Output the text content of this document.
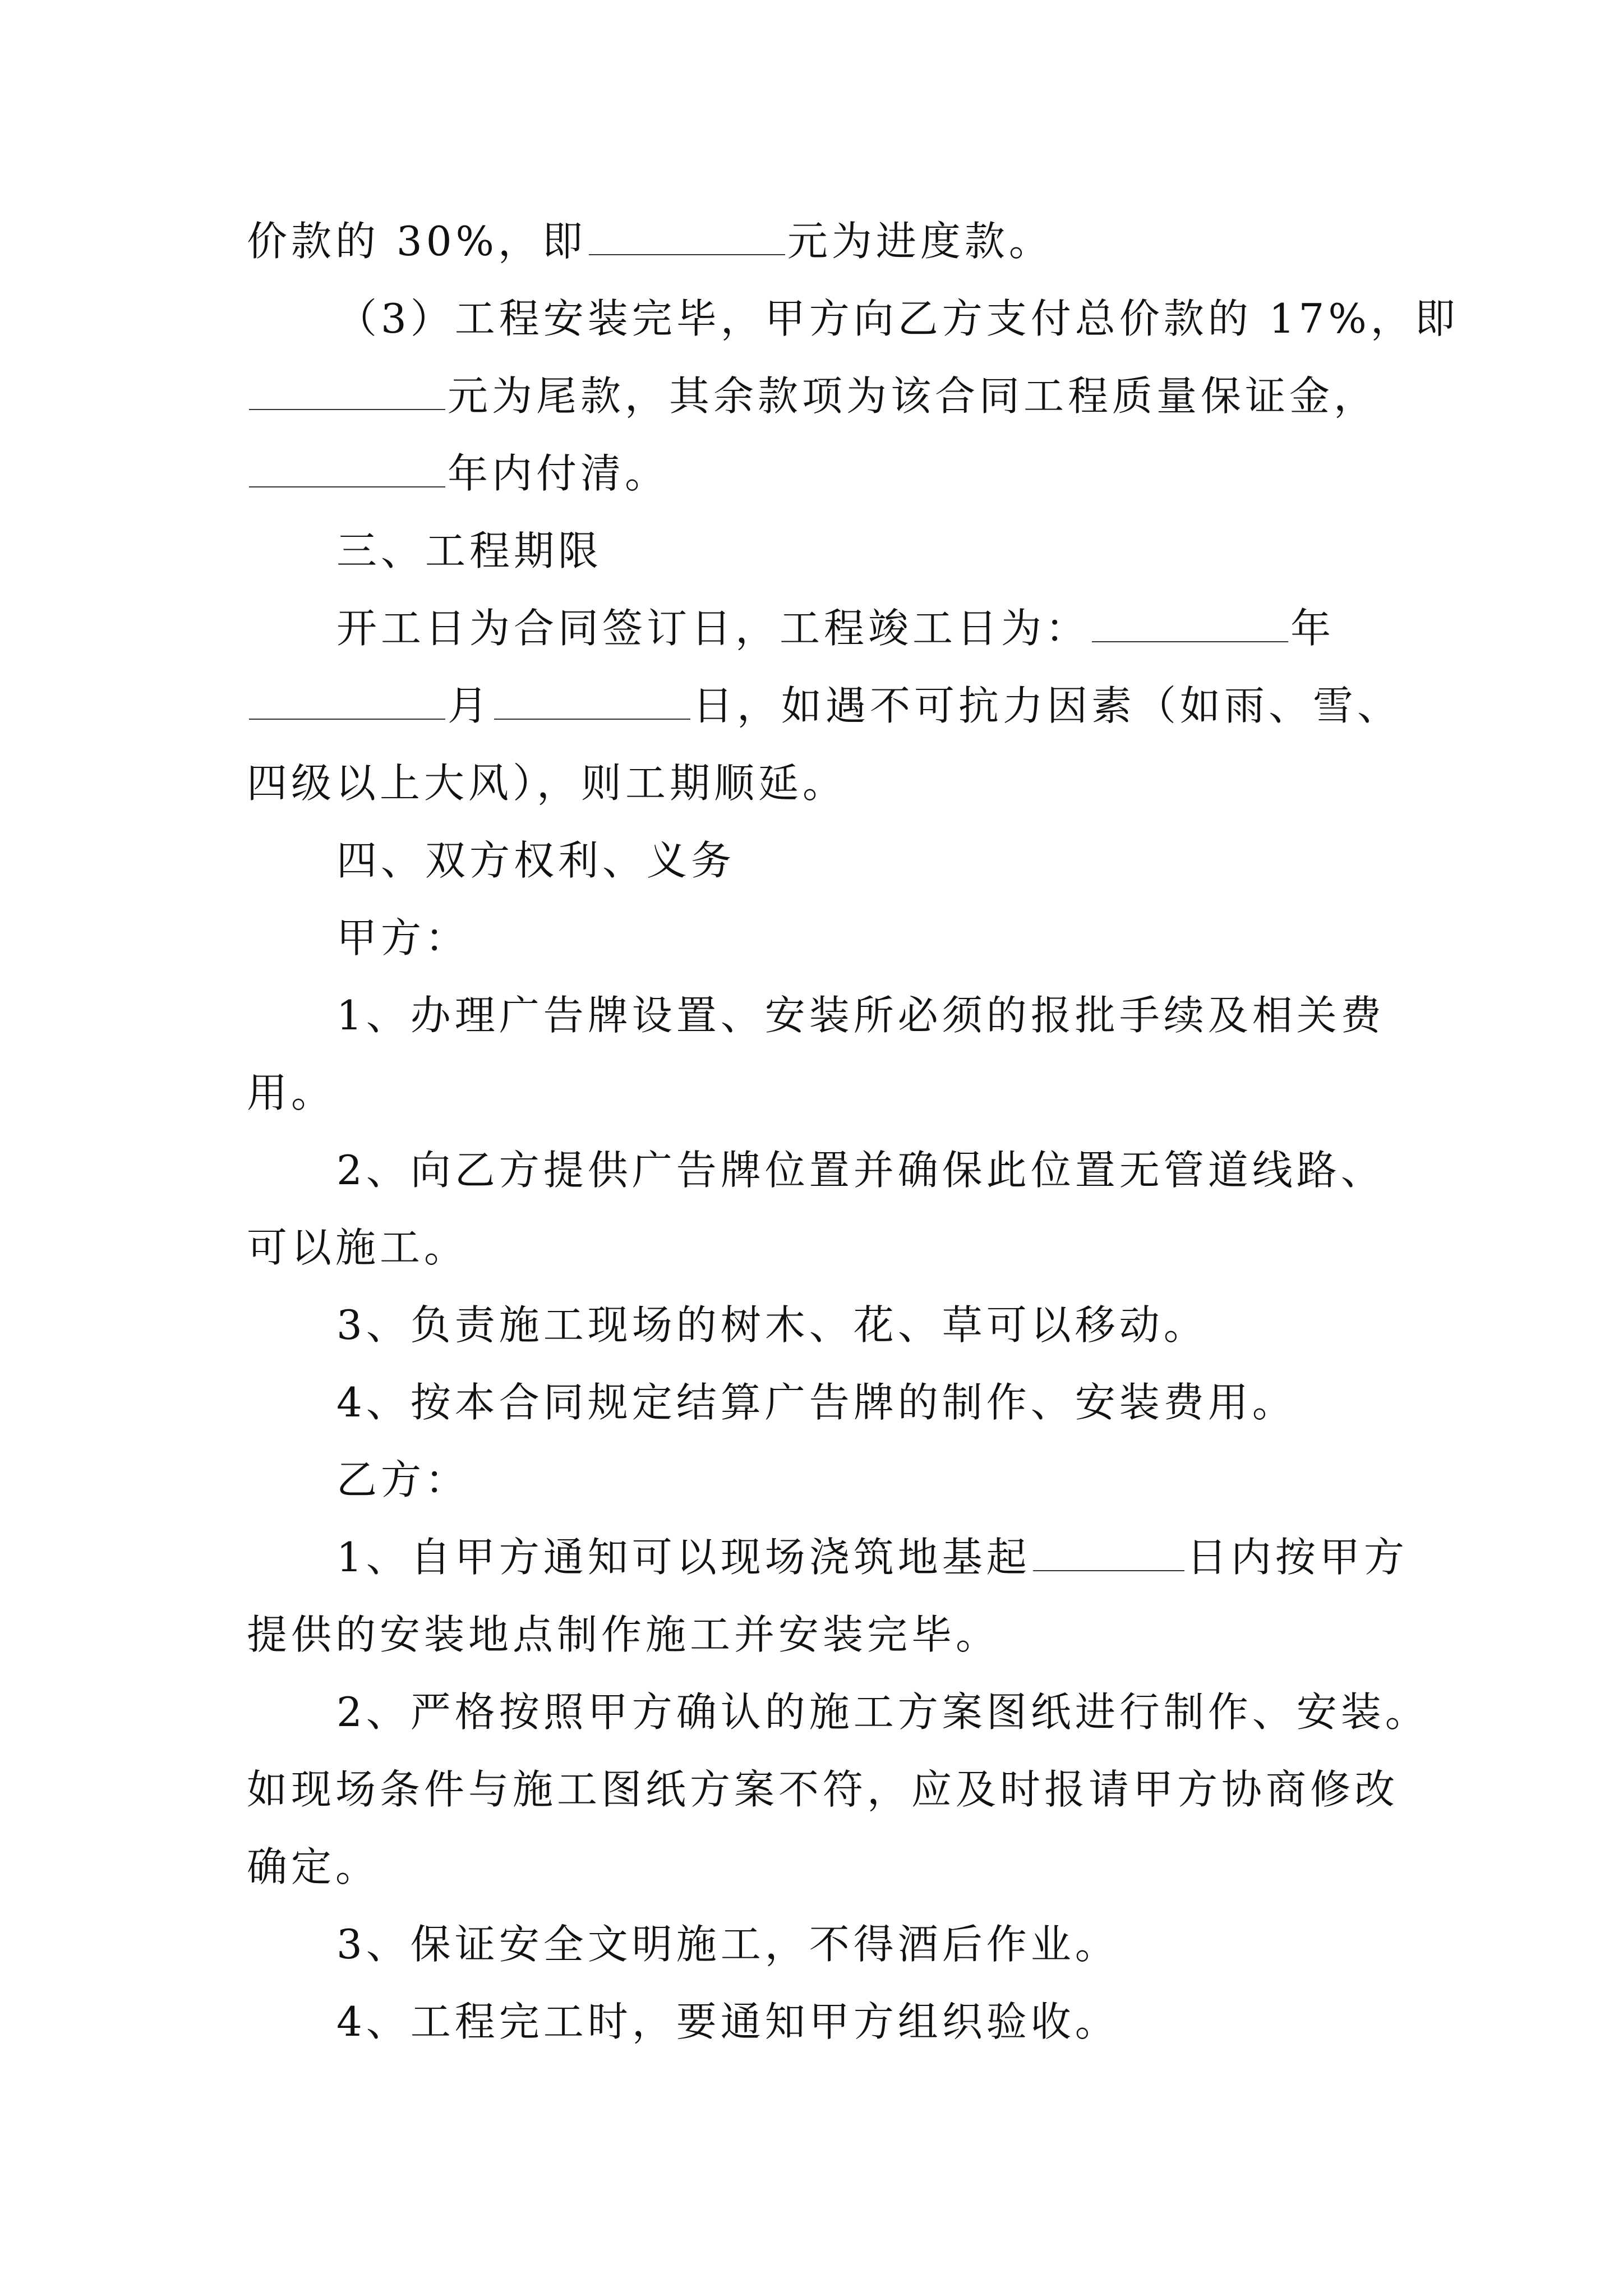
价款的 30%，即	元为进度款。
（3）工程安装完毕，甲方向乙方支付总价款的 17%，即
元为尾款，其余款项为该合同工程质量保证金，
年内付清。
三、工程期限
开工日为合同签订日，工程竣工日为：	年
月	日，如遇不可抗力因素（如雨、雪、
四级以上大风），则工期顺延。
四、双方权利、义务
甲方：
1、办理广告牌设置、安装所必须的报批手续及相关费
用。
2、向乙方提供广告牌位置并确保此位置无管道线路、
可以施工。
3、负责施工现场的树木、花、草可以移动。
4、按本合同规定结算广告牌的制作、安装费用。
乙方：
1、自甲方通知可以现场浇筑地基起	日内按甲方
提供的安装地点制作施工并安装完毕。
2、严格按照甲方确认的施工方案图纸进行制作、安装。
如现场条件与施工图纸方案不符，应及时报请甲方协商修改
确定。
3、保证安全文明施工，不得酒后作业。
4、工程完工时，要通知甲方组织验收。
